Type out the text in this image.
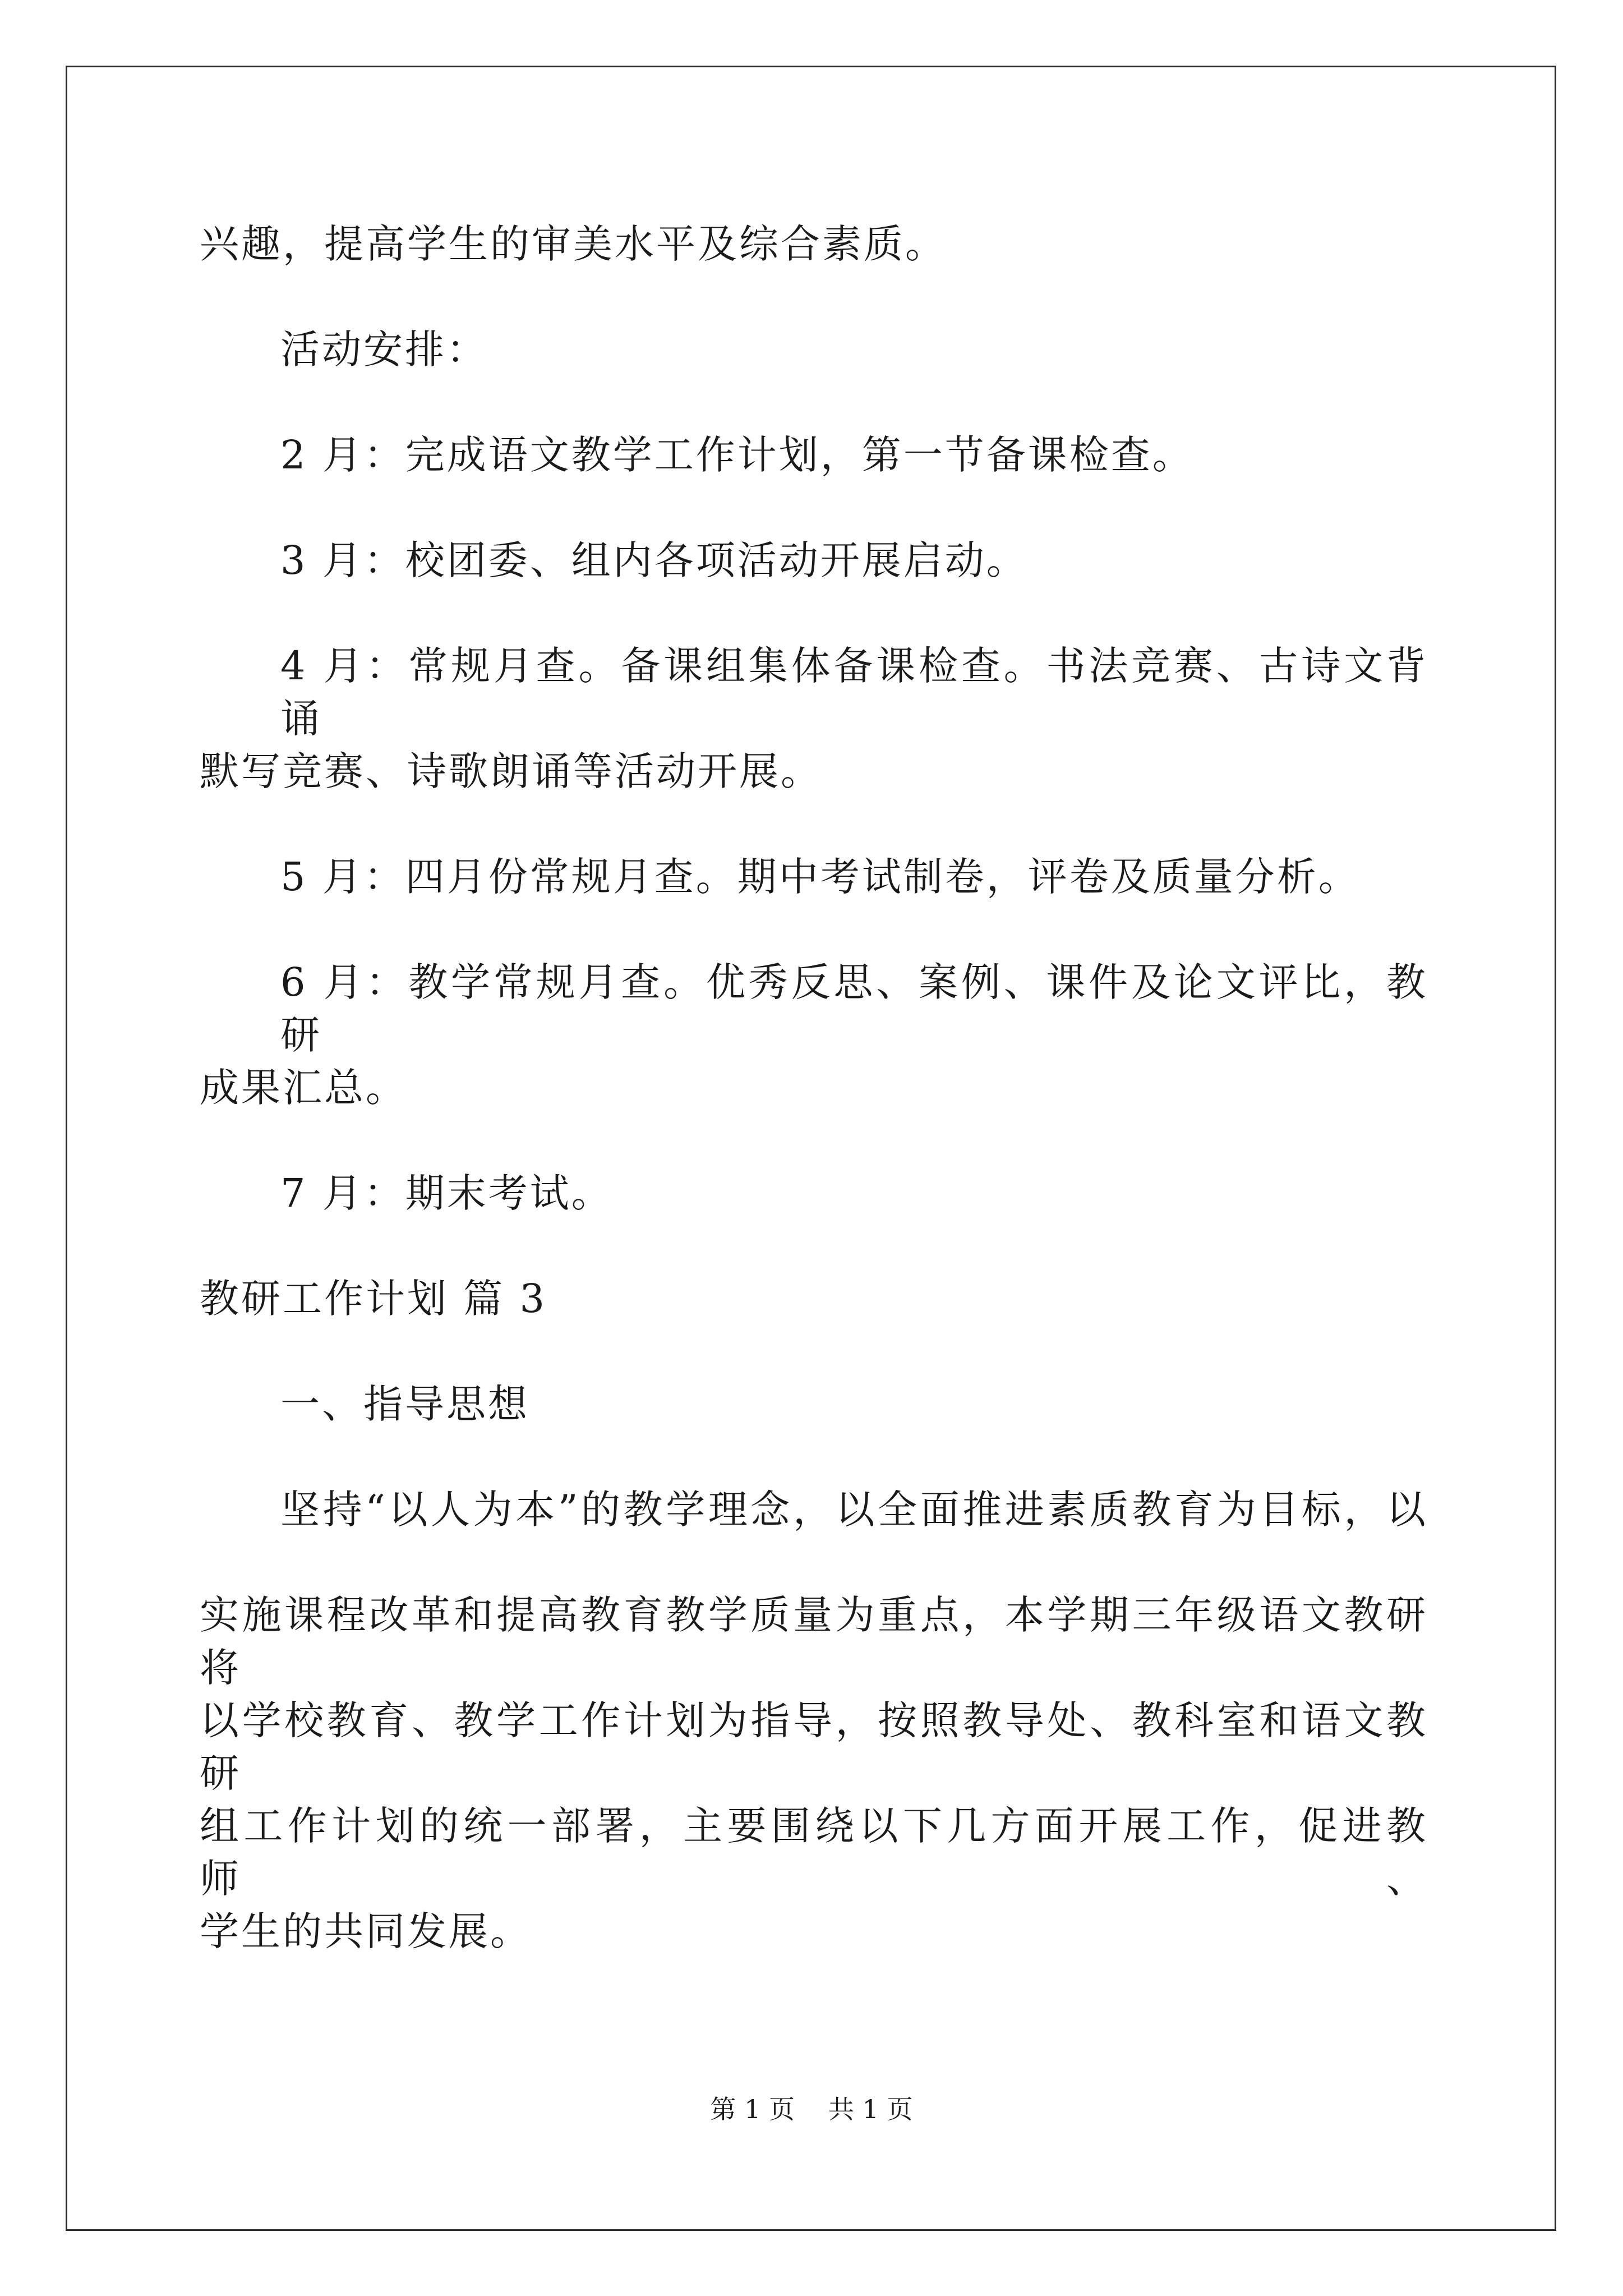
兴趣，提高学生的审美水平及综合素质。
活动安排：
2 月：完成语文教学工作计划，第一节备课检查。
3 月：校团委、组内各项活动开展启动。
4 月：常规月查。备课组集体备课检查。书法竞赛、古诗文背诵
默写竞赛、诗歌朗诵等活动开展。
5 月：四月份常规月查。期中考试制卷，评卷及质量分析。
6 月：教学常规月查。优秀反思、案例、课件及论文评比，教研
成果汇总。
7 月：期末考试。
教研工作计划 篇 3
一、指导思想
坚持“以人为本”的教学理念，以全面推进素质教育为目标，以
实施课程改革和提高教育教学质量为重点，本学期三年级语文教研将
以学校教育、教学工作计划为指导，按照教导处、教科室和语文教研
组工作计划的统一部署，主要围绕以下几方面开展工作，促进教师、
学生的共同发展。
第 1 页 共 1 页
